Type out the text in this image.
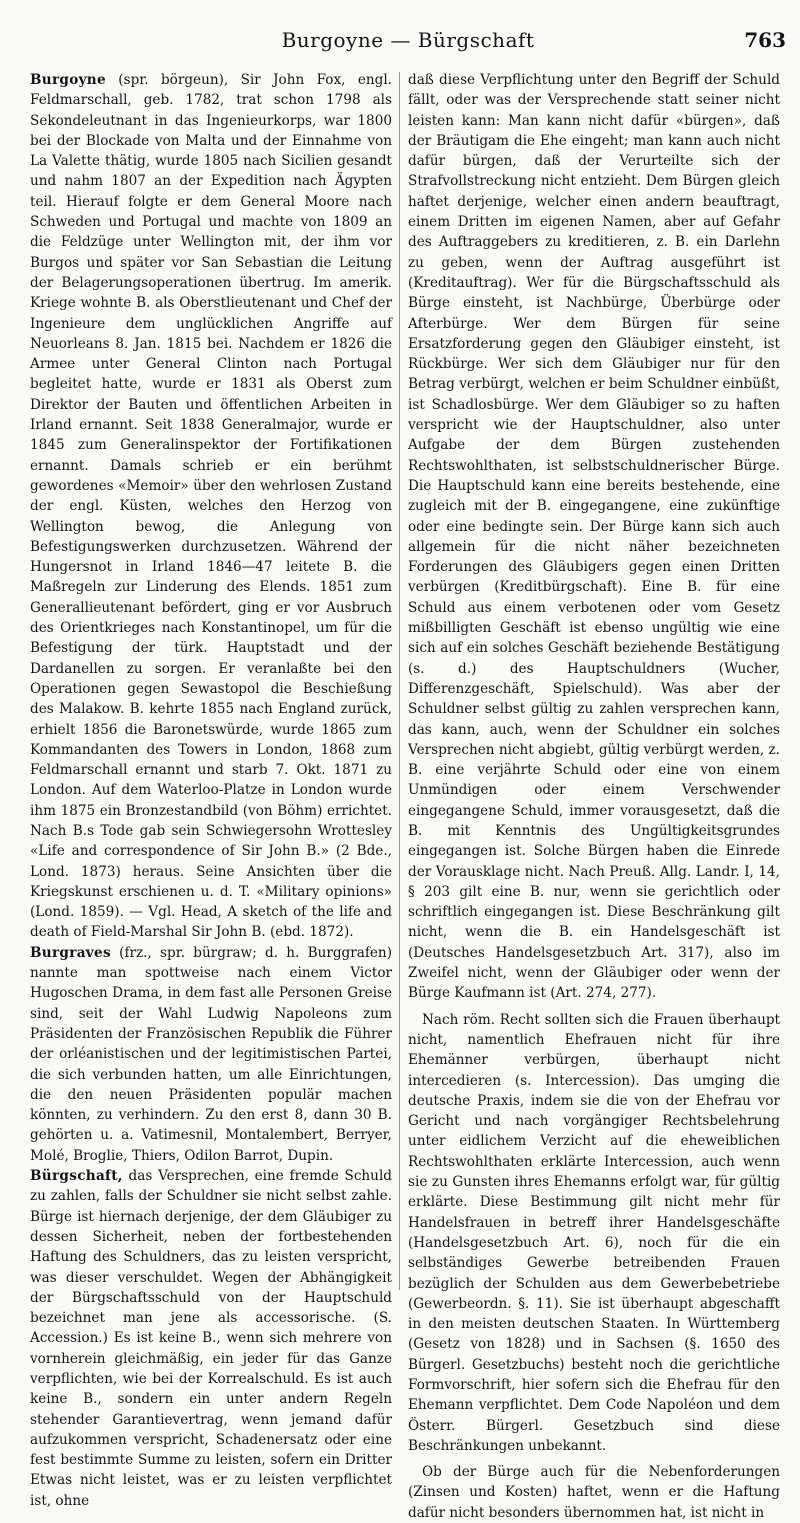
Burgoyne — Bürgschaft	763

Burgoyne (spr. börgeun), Sir John Fox, engl. Feldmarschall, geb. 1782, trat schon 1798 als Sekondeleutnant in das Ingenieurkorps, war 1800 bei der Blockade von Malta und der Einnahme von La Valette thätig, wurde 1805 nach Sicilien gesandt und nahm 1807 an der Expedition nach Ägypten teil. Hierauf folgte er dem General Moore nach Schweden und Portugal und machte von 1809 an die Feldzüge unter Wellington mit, der ihm vor Burgos und später vor San Sebastian die Leitung der Belagerungsoperationen übertrug. Im amerik. Kriege wohnte B. als Oberstlieutenant und Chef der Ingenieure dem unglücklichen Angriffe auf Neuorleans 8. Jan. 1815 bei. Nachdem er 1826 die Armee unter General Clinton nach Portugal begleitet hatte, wurde er 1831 als Oberst zum Direktor der Bauten und öffentlichen Arbeiten in Irland ernannt. Seit 1838 Generalmajor, wurde er 1845 zum Generalinspektor der Fortifikationen ernannt. Damals schrieb er ein berühmt gewordenes «Memoir» über den wehrlosen Zustand der engl. Küsten, welches den Herzog von Wellington bewog, die Anlegung von Befestigungswerken durchzusetzen. Während der Hungersnot in Irland 1846—47 leitete B. die Maßregeln zur Linderung des Elends. 1851 zum Generallieutenant befördert, ging er vor Ausbruch des Orientkrieges nach Konstantinopel, um für die Befestigung der türk. Hauptstadt und der Dardanellen zu sorgen. Er veranlaßte bei den Operationen gegen Sewastopol die Beschießung des Malakow. B. kehrte 1855 nach England zurück, erhielt 1856 die Baronetswürde, wurde 1865 zum Kommandanten des Towers in London, 1868 zum Feldmarschall ernannt und starb 7. Okt. 1871 zu London. Auf dem Waterloo-Platze in London wurde ihm 1875 ein Bronzestandbild (von Böhm) errichtet. Nach B.s Tode gab sein Schwiegersohn Wrottesley «Life and correspondence of Sir John B.» (2 Bde., Lond. 1873) heraus. Seine Ansichten über die Kriegskunst erschienen u. d. T. «Military opinions» (Lond. 1859). — Vgl. Head, A sketch of the life and death of Field-Marshal Sir John B. (ebd. 1872).

Burgraves (frz., spr. bürgraw; d. h. Burggrafen) nannte man spottweise nach einem Victor Hugoschen Drama, in dem fast alle Personen Greise sind, seit der Wahl Ludwig Napoleons zum Präsidenten der Französischen Republik die Führer der orléanistischen und der legitimistischen Partei, die sich verbunden hatten, um alle Einrichtungen, die den neuen Präsidenten populär machen könnten, zu verhindern. Zu den erst 8, dann 30 B. gehörten u. a. Vatimesnil, Montalembert, Berryer, Molé, Broglie, Thiers, Odilon Barrot, Dupin.

Bürgschaft, das Versprechen, eine fremde Schuld zu zahlen, falls der Schuldner sie nicht selbst zahle. Bürge ist hiernach derjenige, der dem Gläubiger zu dessen Sicherheit, neben der fortbestehenden Haftung des Schuldners, das zu leisten verspricht, was dieser verschuldet. Wegen der Abhängigkeit der Bürgschaftsschuld von der Hauptschuld bezeichnet man jene als accessorische. (S. Accession.) Es ist keine B., wenn sich mehrere von vornherein gleichmäßig, ein jeder für das Ganze verpflichten, wie bei der Korrealschuld. Es ist auch keine B., sondern ein unter andern Regeln stehender Garantievertrag, wenn jemand dafür aufzukommen verspricht, Schadenersatz oder eine fest bestimmte Summe zu leisten, sofern ein Dritter Etwas nicht leistet, was er zu leisten verpflichtet ist, ohne

daß diese Verpflichtung unter den Begriff der Schuld fällt, oder was der Versprechende statt seiner nicht leisten kann: Man kann nicht dafür «bürgen», daß der Bräutigam die Ehe eingeht; man kann auch nicht dafür bürgen, daß der Verurteilte sich der Strafvollstreckung nicht entzieht. Dem Bürgen gleich haftet derjenige, welcher einen andern beauftragt, einem Dritten im eigenen Namen, aber auf Gefahr des Auftraggebers zu kreditieren, z. B. ein Darlehn zu geben, wenn der Auftrag ausgeführt ist (Kreditauftrag). Wer für die Bürgschaftsschuld als Bürge einsteht, ist Nachbürge, Überbürge oder Afterbürge. Wer dem Bürgen für seine Ersatzforderung gegen den Gläubiger einsteht, ist Rückbürge. Wer sich dem Gläubiger nur für den Betrag verbürgt, welchen er beim Schuldner einbüßt, ist Schadlosbürge. Wer dem Gläubiger so zu haften verspricht wie der Hauptschuldner, also unter Aufgabe der dem Bürgen zustehenden Rechtswohlthaten, ist selbstschuldnerischer Bürge. Die Hauptschuld kann eine bereits bestehende, eine zugleich mit der B. eingegangene, eine zukünftige oder eine bedingte sein. Der Bürge kann sich auch allgemein für die nicht näher bezeichneten Forderungen des Gläubigers gegen einen Dritten verbürgen (Kreditbürgschaft). Eine B. für eine Schuld aus einem verbotenen oder vom Gesetz mißbilligten Geschäft ist ebenso ungültig wie eine sich auf ein solches Geschäft beziehende Bestätigung (s. d.) des Hauptschuldners (Wucher, Differenzgeschäft, Spielschuld). Was aber der Schuldner selbst gültig zu zahlen versprechen kann, das kann, auch, wenn der Schuldner ein solches Versprechen nicht abgiebt, gültig verbürgt werden, z. B. eine verjährte Schuld oder eine von einem Unmündigen oder einem Verschwender eingegangene Schuld, immer vorausgesetzt, daß die B. mit Kenntnis des Ungültigkeitsgrundes eingegangen ist. Solche Bürgen haben die Einrede der Vorausklage nicht. Nach Preuß. Allg. Landr. I, 14, § 203 gilt eine B. nur, wenn sie gerichtlich oder schriftlich eingegangen ist. Diese Beschränkung gilt nicht, wenn die B. ein Handelsgeschäft ist (Deutsches Handelsgesetzbuch Art. 317), also im Zweifel nicht, wenn der Gläubiger oder wenn der Bürge Kaufmann ist (Art. 274, 277).

Nach röm. Recht sollten sich die Frauen überhaupt nicht, namentlich Ehefrauen nicht für ihre Ehemänner verbürgen, überhaupt nicht intercedieren (s. Intercession). Das umging die deutsche Praxis, indem sie die von der Ehefrau vor Gericht und nach vorgängiger Rechtsbelehrung unter eidlichem Verzicht auf die eheweiblichen Rechtswohlthaten erklärte Intercession, auch wenn sie zu Gunsten ihres Ehemanns erfolgt war, für gültig erklärte. Diese Bestimmung gilt nicht mehr für Handelsfrauen in betreff ihrer Handelsgeschäfte (Handelsgesetzbuch Art. 6), noch für die ein selbständiges Gewerbe betreibenden Frauen bezüglich der Schulden aus dem Gewerbebetriebe (Gewerbeordn. §. 11). Sie ist überhaupt abgeschafft in den meisten deutschen Staaten. In Württemberg (Gesetz von 1828) und in Sachsen (§. 1650 des Bürgerl. Gesetzbuchs) besteht noch die gerichtliche Formvorschrift, hier sofern sich die Ehefrau für den Ehemann verpflichtet. Dem Code Napoléon und dem Österr. Bürgerl. Gesetzbuch sind diese Beschränkungen unbekannt.

Ob der Bürge auch für die Nebenforderungen (Zinsen und Kosten) haftet, wenn er die Haftung dafür nicht besonders übernommen hat, ist nicht in
